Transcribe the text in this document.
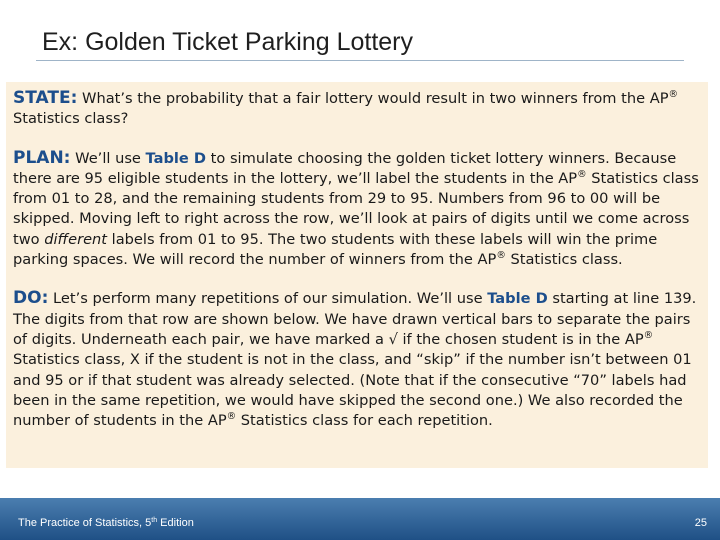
Ex: Golden Ticket Parking Lottery

STATE: What’s the probability that a fair lottery would result in two winners from the AP® Statistics class?

PLAN: We’ll use Table D to simulate choosing the golden ticket lottery winners. Because there are 95 eligible students in the lottery, we’ll label the students in the AP® Statistics class from 01 to 28, and the remaining students from 29 to 95. Numbers from 96 to 00 will be skipped. Moving left to right across the row, we’ll look at pairs of digits until we come across two different labels from 01 to 95. The two students with these labels will win the prime parking spaces. We will record the number of winners from the AP® Statistics class.

DO: Let’s perform many repetitions of our simulation. We’ll use Table D starting at line 139. The digits from that row are shown below. We have drawn vertical bars to separate the pairs of digits. Underneath each pair, we have marked a √ if the chosen student is in the AP® Statistics class, X if the student is not in the class, and “skip” if the number isn’t between 01 and 95 or if that student was already selected. (Note that if the consecutive “70” labels had been in the same repetition, we would have skipped the second one.) We also recorded the number of students in the AP® Statistics class for each repetition.

The Practice of Statistics, 5th Edition	25
